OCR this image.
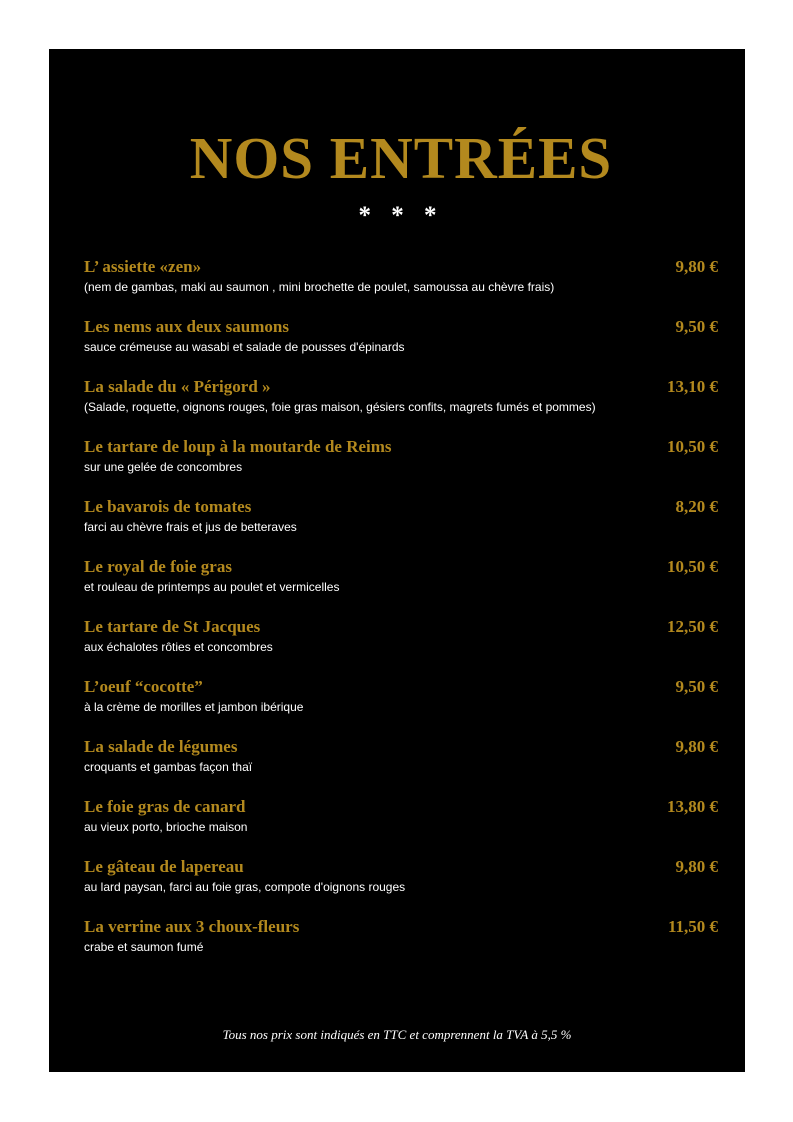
NOS ENTRÉES
* * *
L’ assiette «zen»	9,80 €
(nem de gambas, maki au saumon , mini brochette de poulet, samoussa au chèvre frais)
Les nems aux deux saumons	9,50 €
sauce crémeuse au wasabi et salade de pousses d'épinards
La salade du « Périgord »	13,10 €
(Salade, roquette, oignons rouges, foie gras maison, gésiers confits, magrets fumés et pommes)
Le tartare de loup à la moutarde de Reims	10,50 €
sur une gelée de concombres
Le bavarois de tomates	8,20 €
farci au chèvre frais et jus de betteraves
Le royal de foie gras	10,50 €
et rouleau de printemps au poulet et vermicelles
Le tartare de St Jacques	12,50 €
aux échalotes rôties et concombres
L’oeuf “cocotte”	9,50 €
à la crème de morilles et jambon ibérique
La salade de légumes	9,80 €
croquants et gambas façon thaï
Le foie gras de canard	13,80 €
au vieux porto, brioche maison
Le gâteau de lapereau	9,80 €
au lard paysan, farci au foie gras, compote d'oignons rouges
La verrine aux 3 choux-fleurs	11,50 €
crabe et saumon fumé
Tous nos prix sont indiqués en TTC et comprennent la TVA à 5,5 %
